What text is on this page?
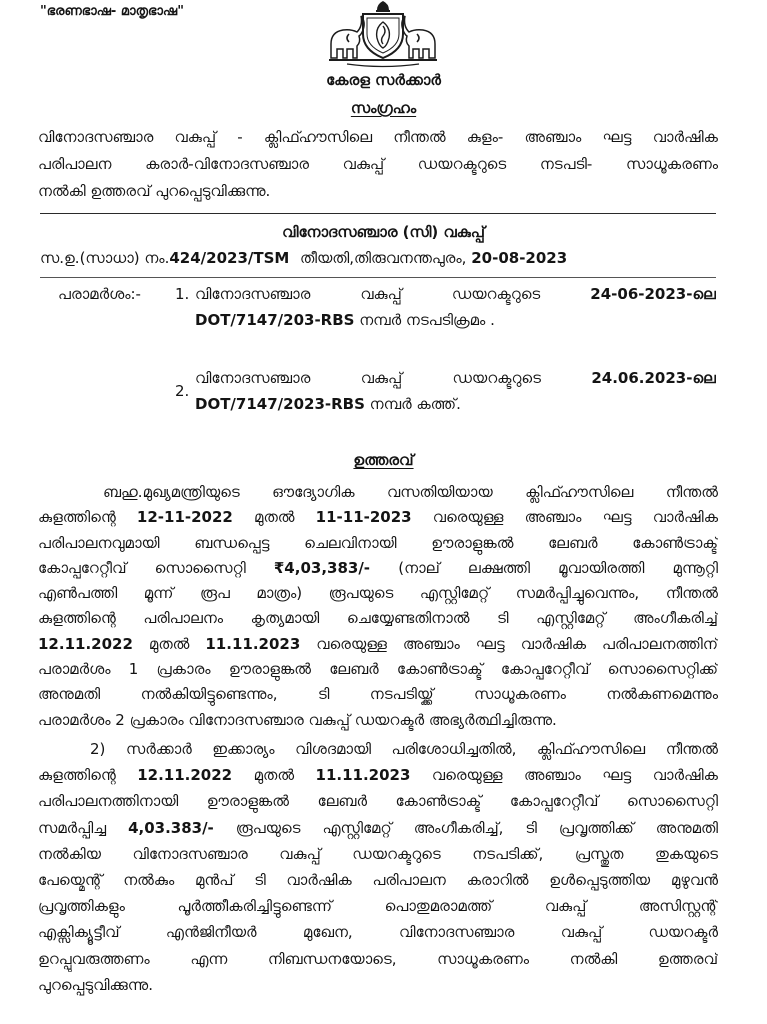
"ഭരണഭാഷ- മാതൃഭാഷ"
കേരള സർക്കാർ
സംഗ്രഹം
വിനോദസഞ്ചാര വകുപ്പ് - ക്ലിഫ്ഹൗസിലെ നീന്തൽ കുളം- അഞ്ചാം ഘട്ട വാർഷിക
പരിപാലന കരാർ-വിനോദസഞ്ചാര വകുപ്പ് ഡയറക്ടറുടെ നടപടി- സാധൂകരണം
നൽകി ഉത്തരവ് പുറപ്പെടുവിക്കുന്നു.
വിനോദസഞ്ചാര (സി) വകുപ്പ്
സ.ഉ.(സാധാ) നം.424/2023/TSM തീയതി,തിരുവനന്തപുരം, 20-08-2023
പരാമർശം:- 1. വിനോദസഞ്ചാര വകുപ്പ് ഡയറക്ടറുടെ 24-06-2023-ലെ
DOT/7147/203-RBS നമ്പർ നടപടിക്രമം .
2.
വിനോദസഞ്ചാര വകുപ്പ് ഡയറക്ടറുടെ 24.06.2023-ലെ
DOT/7147/2023-RBS നമ്പർ കത്ത്.
ഉത്തരവ്
ബഹു.മുഖ്യമന്ത്രിയുടെ ഔദ്യോഗിക വസതിയിയായ ക്ലിഫ്ഹൗസിലെ നീന്തൽ
കുളത്തിന്റെ 12-11-2022 മുതൽ 11-11-2023 വരെയുള്ള അഞ്ചാം ഘട്ട വാർഷിക
പരിപാലനവുമായി ബന്ധപ്പെട്ട ചെലവിനായി ഊരാളുങ്കൽ ലേബർ കോൺട്രാക്ട്
കോപ്പറേറ്റീവ് സൊസൈറ്റി ₹4,03,383/- (നാല് ലക്ഷത്തി മൂവായിരത്തി മുന്നൂറ്റി
എൺപത്തി മൂന്ന് രൂപ മാത്രം) രൂപയുടെ എസ്റ്റിമേറ്റ് സമർപ്പിച്ചുവെന്നും, നീന്തൽ
കുളത്തിന്റെ പരിപാലനം കൃത്യമായി ചെയ്യേണ്ടതിനാൽ ടി എസ്റ്റിമേറ്റ് അംഗീകരിച്ച്
12.11.2022 മുതൽ 11.11.2023 വരെയുള്ള അഞ്ചാം ഘട്ട വാർഷിക പരിപാലനത്തിന്
പരാമർശം 1 പ്രകാരം ഊരാളുങ്കൽ ലേബർ കോൺട്രാക്ട് കോപ്പറേറ്റീവ് സൊസൈറ്റിക്ക്
അനുമതി നൽകിയിട്ടുണ്ടെന്നും, ടി നടപടിയ്ക്ക് സാധൂകരണം നൽകണമെന്നും
പരാമർശം 2 പ്രകാരം വിനോദസഞ്ചാര വകുപ്പ് ഡയറക്ടർ അഭ്യർത്ഥിച്ചിരുന്നു.
2) സർക്കാർ ഇക്കാര്യം വിശദമായി പരിശോധിച്ചതിൽ, ക്ലിഫ്ഹൗസിലെ നീന്തൽ
കുളത്തിന്റെ 12.11.2022 മുതൽ 11.11.2023 വരെയുള്ള അഞ്ചാം ഘട്ട വാർഷിക
പരിപാലനത്തിനായി ഊരാളുങ്കൽ ലേബർ കോൺട്രാക്ട് കോപ്പറേറ്റീവ് സൊസൈറ്റി
സമർപ്പിച്ച 4,03.383/- രൂപയുടെ എസ്റ്റിമേറ്റ് അംഗീകരിച്ച്, ടി പ്രവൃത്തിക്ക് അനുമതി
നൽകിയ വിനോദസഞ്ചാര വകുപ്പ് ഡയറക്ടറുടെ നടപടിക്ക്, പ്രസ്തുത തുകയുടെ
പേയ്മെന്റ് നൽകും മുൻപ് ടി വാർഷിക പരിപാലന കരാറിൽ ഉൾപ്പെടുത്തിയ മുഴുവൻ
പ്രവൃത്തികളും പൂർത്തീകരിച്ചിട്ടുണ്ടെന്ന് പൊതുമരാമത്ത് വകുപ്പ് അസിസ്റ്റന്റ്
എക്സിക്യൂട്ടീവ് എൻജിനീയർ മുഖേന, വിനോദസഞ്ചാര വകുപ്പ് ഡയറക്ടർ
ഉറപ്പുവരുത്തണം എന്ന നിബന്ധനയോടെ, സാധൂകരണം നൽകി ഉത്തരവ്
പുറപ്പെടുവിക്കുന്നു.
